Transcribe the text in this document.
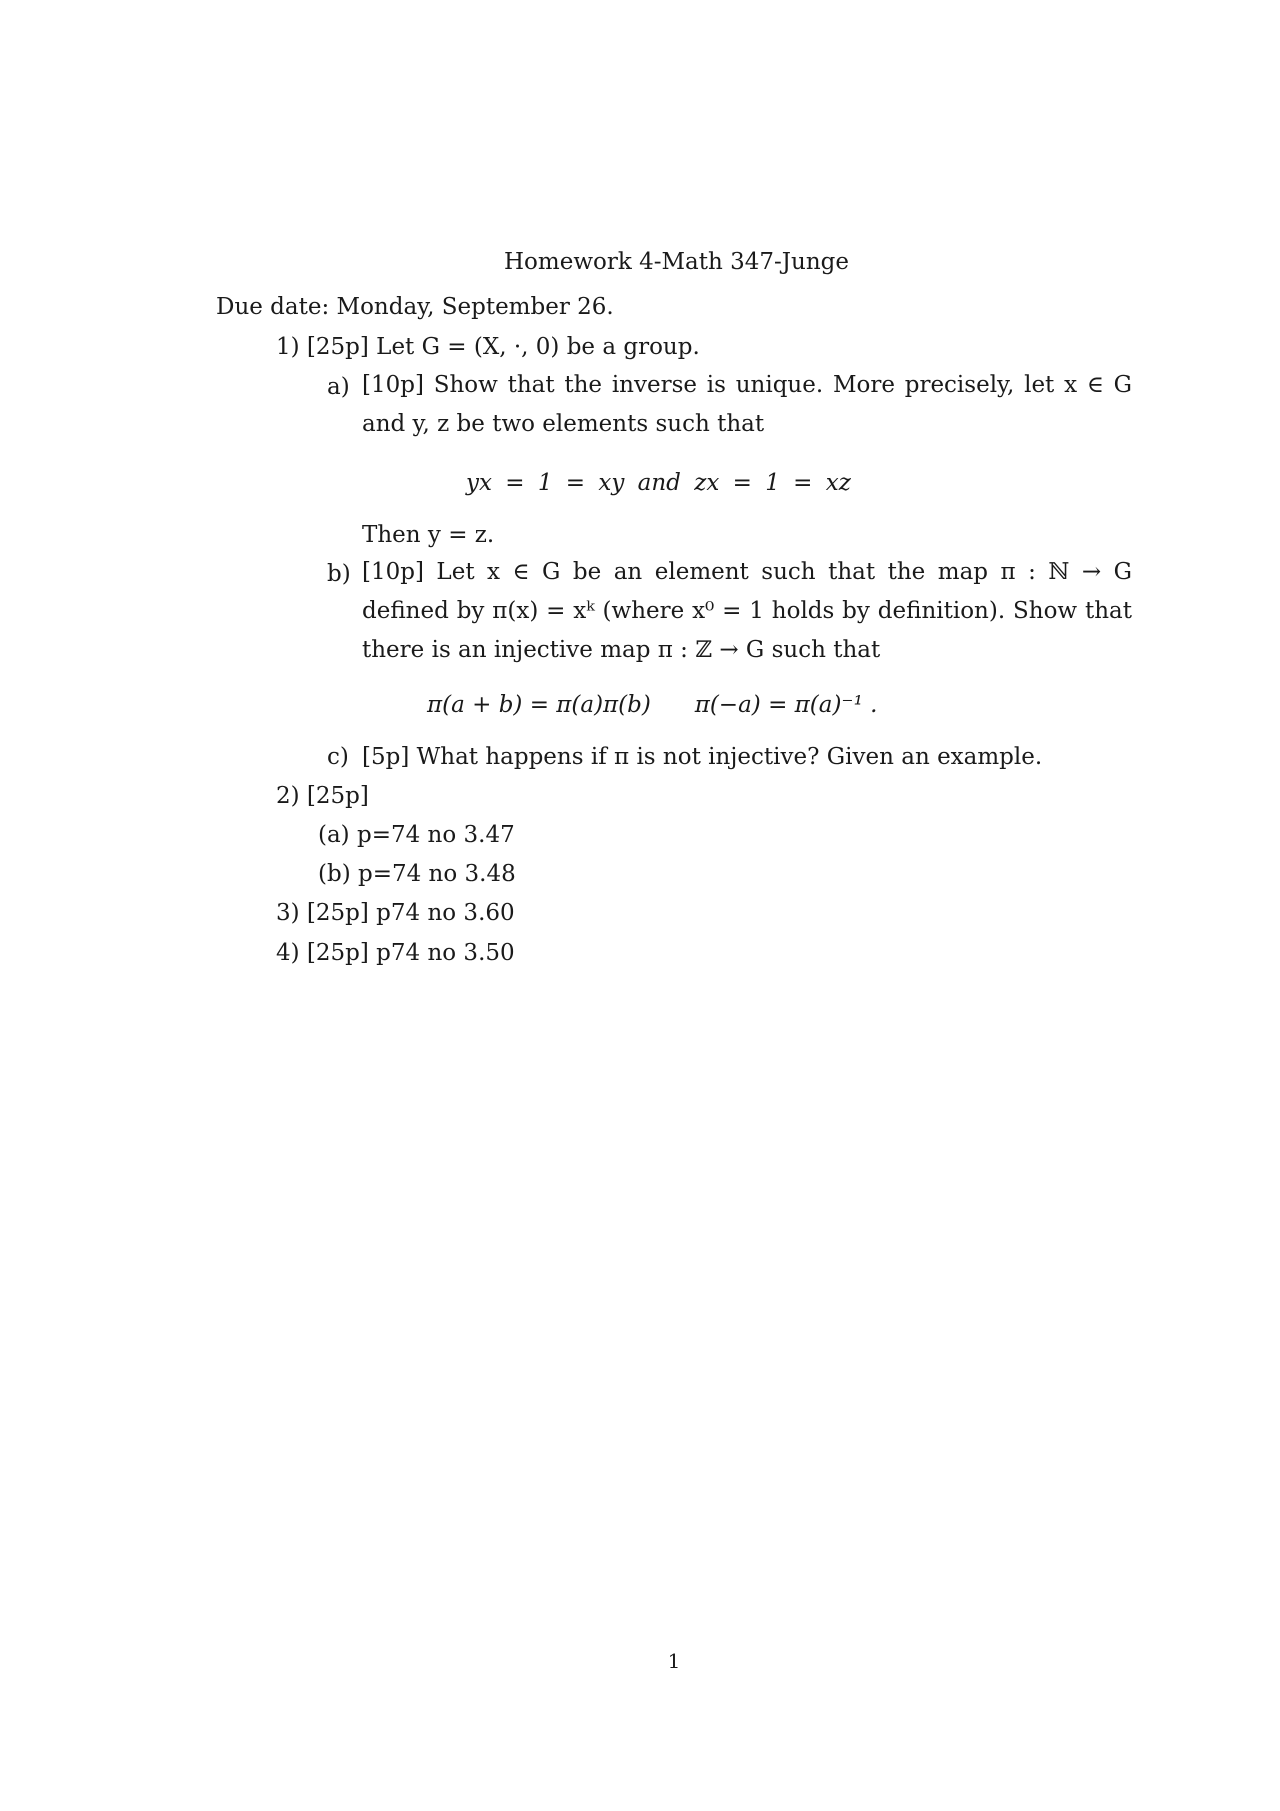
Homework 4-Math 347-Junge
Due date: Monday, September 26.
1) [25p] Let G = (X, ·, 0) be a group.
a) [10p] Show that the inverse is unique. More precisely, let x ∈ G and y, z be two elements such that
yx = 1 = xy and zx = 1 = xz
Then y = z.
b) [10p] Let x ∈ G be an element such that the map π : ℕ → G defined by π(x) = xᵏ (where x⁰ = 1 holds by definition). Show that there is an injective map π : ℤ → G such that
π(a + b) = π(a)π(b)      π(−a) = π(a)⁻¹ .
c) [5p] What happens if π is not injective? Given an example.
2) [25p]
(a) p=74 no 3.47
(b) p=74 no 3.48
3) [25p] p74 no 3.60
4) [25p] p74 no 3.50
1
